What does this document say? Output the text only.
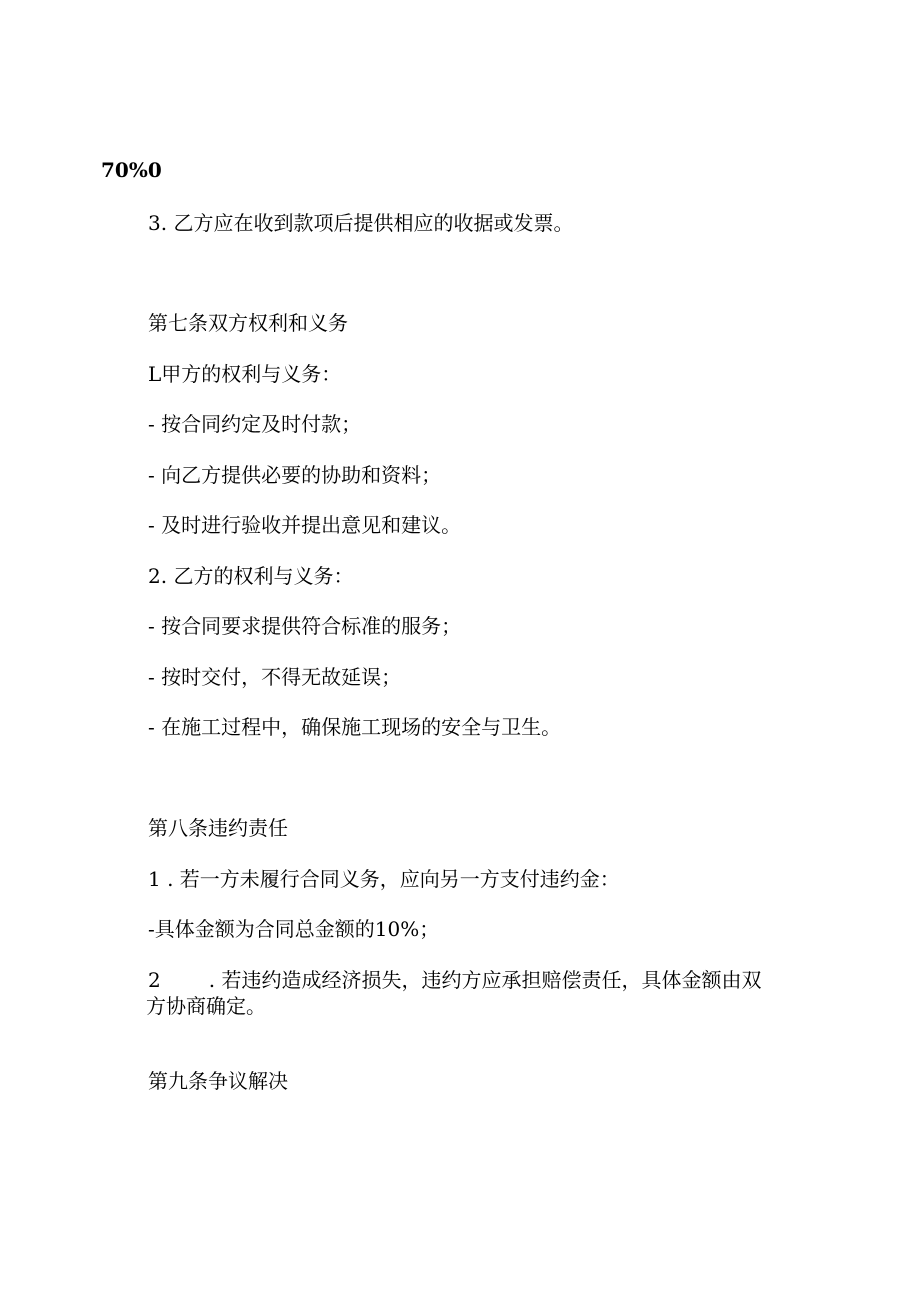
70%0
3. 乙方应在收到款项后提供相应的收据或发票。
第七条双方权利和义务
L甲方的权利与义务：
- 按合同约定及时付款；
- 向乙方提供必要的协助和资料；
- 及时进行验收并提出意见和建议。
2. 乙方的权利与义务：
- 按合同要求提供符合标准的服务；
- 按时交付，不得无故延误；
- 在施工过程中，确保施工现场的安全与卫生。
第八条违约责任
1 . 若一方未履行合同义务，应向另一方支付违约金：
-具体金额为合同总金额的10%；
2 . 若违约造成经济损失，违约方应承担赔偿责任，具体金额由双
方协商确定。
第九条争议解决
